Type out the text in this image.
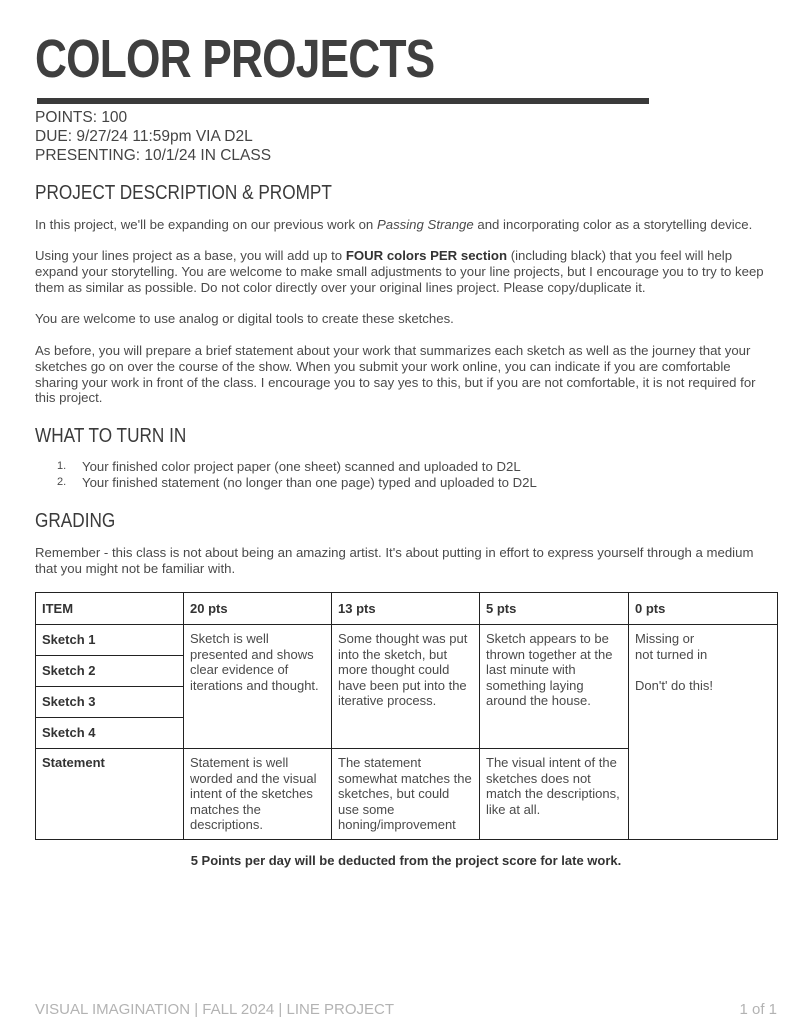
COLOR PROJECTS
POINTS: 100
DUE: 9/27/24 11:59pm VIA D2L
PRESENTING: 10/1/24 IN CLASS
PROJECT DESCRIPTION & PROMPT

In this project, we'll be expanding on our previous work on Passing Strange and incorporating color as a storytelling device.

Using your lines project as a base, you will add up to FOUR colors PER section (including black) that you feel will help expand your storytelling. You are welcome to make small adjustments to your line projects, but I encourage you to try to keep them as similar as possible. Do not color directly over your original lines project. Please copy/duplicate it.

You are welcome to use analog or digital tools to create these sketches.

As before, you will prepare a brief statement about your work that summarizes each sketch as well as the journey that your sketches go on over the course of the show. When you submit your work online, you can indicate if you are comfortable sharing your work in front of the class. I encourage you to say yes to this, but if you are not comfortable, it is not required for this project.

WHAT TO TURN IN
1. Your finished color project paper (one sheet) scanned and uploaded to D2L
2. Your finished statement (no longer than one page) typed and uploaded to D2L
GRADING

Remember - this class is not about being an amazing artist. It's about putting in effort to express yourself through a medium that you might not be familiar with.

ITEM	20 pts	13 pts	5 pts	0 pts
Sketch 1	Sketch is well presented and shows clear evidence of iterations and thought.	Some thought was put into the sketch, but more thought could have been put into the iterative process.	Sketch appears to be thrown together at the last minute with something laying around the house.	Missing or
not turned in
Don't' do this!

Sketch 2				
Sketch 3				
Sketch 4				
Statement	Statement is well worded and the visual intent of the sketches matches the descriptions.	The statement somewhat matches the sketches, but could use some honing/improvement	The visual intent of the sketches does not match the descriptions, like at all.	
5 Points per day will be deducted from the project score for late work.
VISUAL IMAGINATION | FALL 2024 | LINE PROJECT	1 of 1
